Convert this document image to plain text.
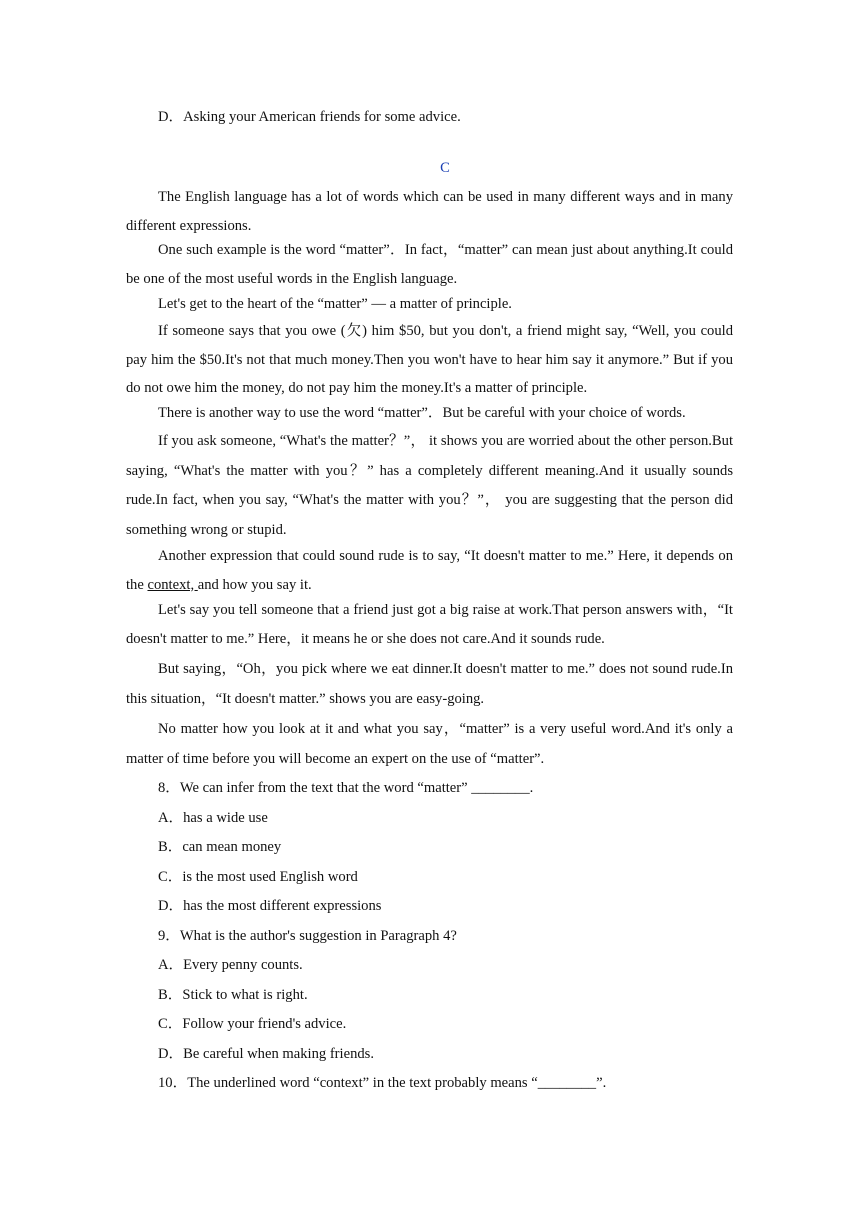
D．Asking your American friends for some advice.
C

The English language has a lot of words which can be used in many different ways and in many different expressions.

One such example is the word “matter”．In fact，“matter” can mean just about anything.It could be one of the most useful words in the English language.

Let's get to the heart of the “matter” — a matter of principle.

If someone says that you owe (欠) him $50, but you don't, a friend might say, “Well, you could pay him the $50.It's not that much money.Then you won't have to hear him say it anymore.” But if you do not owe him the money, do not pay him the money.It's a matter of principle.

There is another way to use the word “matter”．But be careful with your choice of words.

If you ask someone, “What's the matter？”， it shows you are worried about the other person.But saying, “What's the matter with you？” has a completely different meaning.And it usually sounds rude.In fact, when you say, “What's the matter with you？”， you are suggesting that the person did something wrong or stupid.

Another expression that could sound rude is to say, “It doesn't matter to me.” Here, it depends on the context, and how you say it.

Let's say you tell someone that a friend just got a big raise at work.That person answers with，“It doesn't matter to me.” Here，it means he or she does not care.And it sounds rude.

But saying，“Oh，you pick where we eat dinner.It doesn't matter to me.” does not sound rude.In this situation，“It doesn't matter.” shows you are easy-going.

No matter how you look at it and what you say，“matter” is a very useful word.And it's only a matter of time before you will become an expert on the use of “matter”.

8．We can infer from the text that the word “matter” ________.
A．has a wide use
B．can mean money
C．is the most used English word
D．has the most different expressions
9．What is the author's suggestion in Paragraph 4?
A．Every penny counts.
B．Stick to what is right.
C．Follow your friend's advice.
D．Be careful when making friends.
10．The underlined word “context” in the text probably means “________”.
